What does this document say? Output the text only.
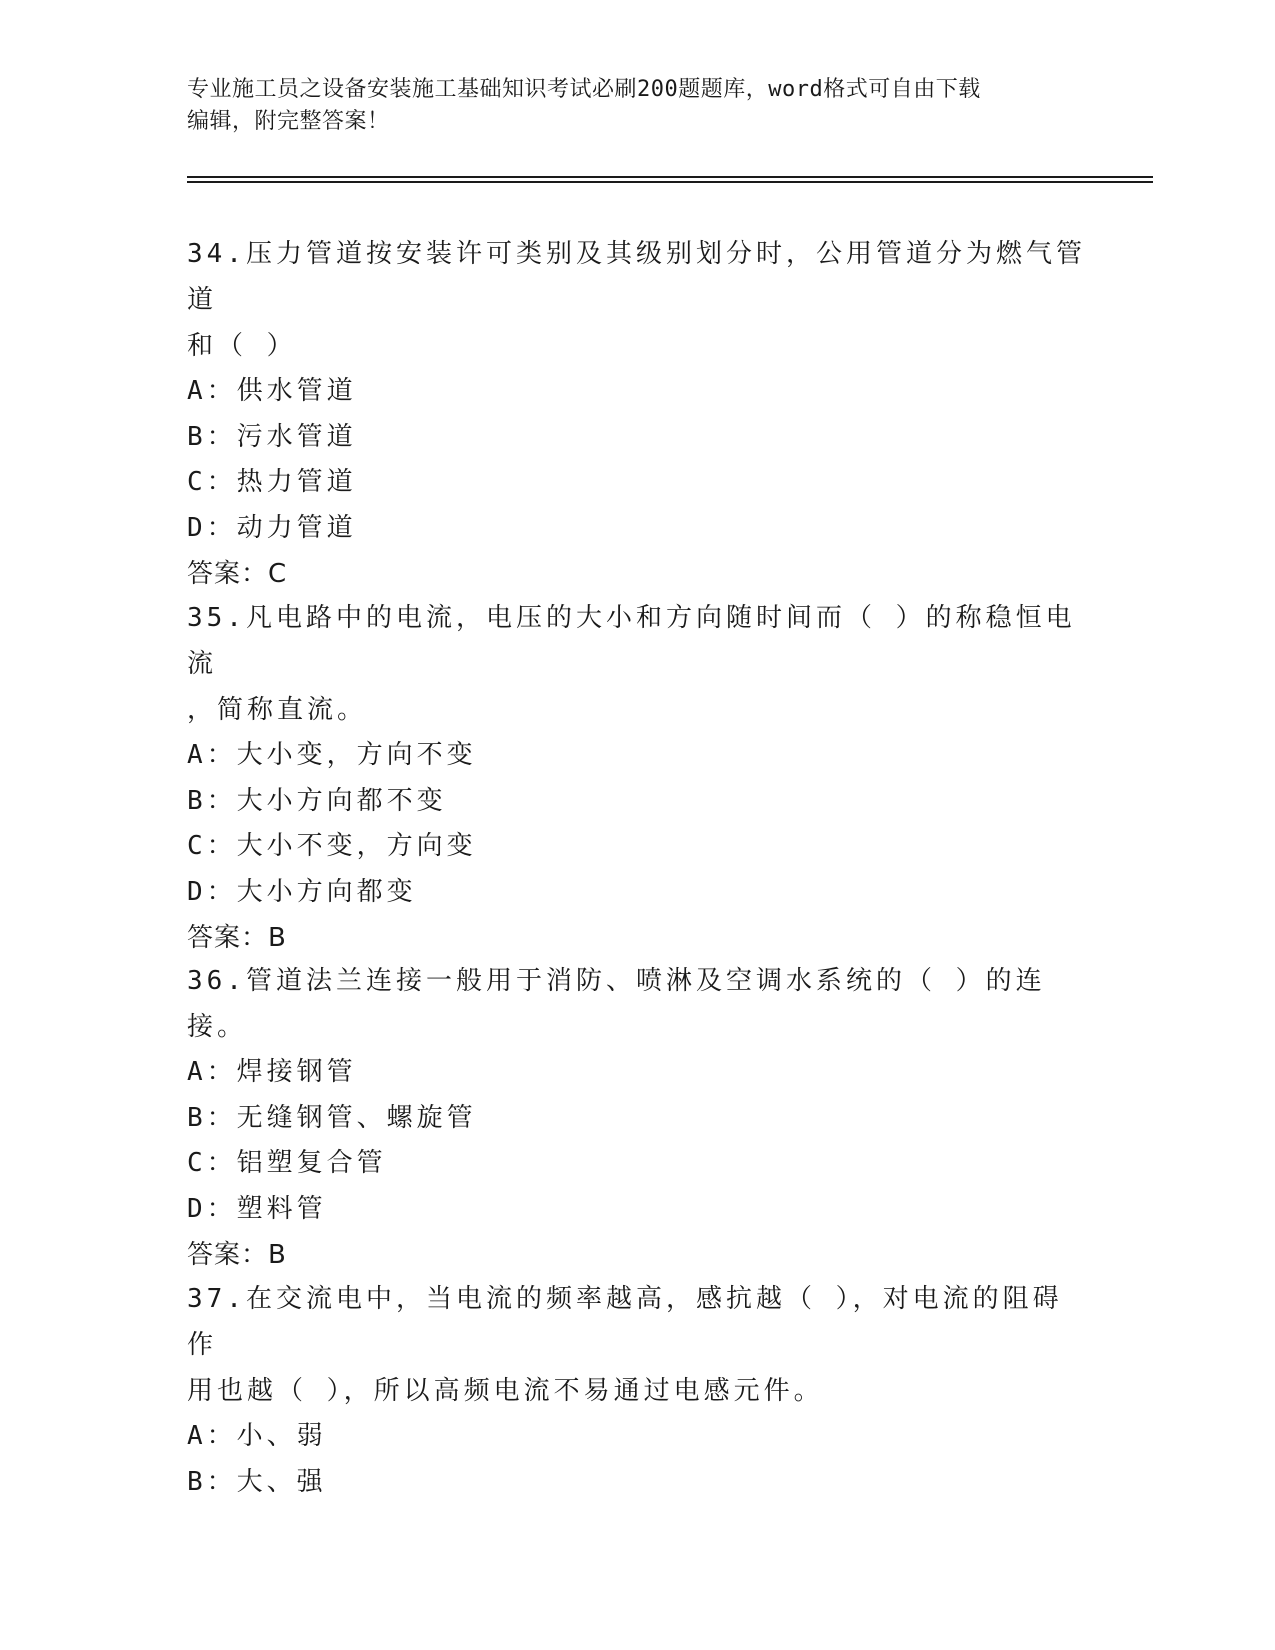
专业施工员之设备安装施工基础知识考试必刷200题题库，word格式可自由下载
编辑，附完整答案！
34.压力管道按安装许可类别及其级别划分时，公用管道分为燃气管道
和（ ）
A：供水管道
B：污水管道
C：热力管道
D：动力管道
答案：C
35.凡电路中的电流，电压的大小和方向随时间而（ ）的称稳恒电流
，简称直流。
A：大小变，方向不变
B：大小方向都不变
C：大小不变，方向变
D：大小方向都变
答案：B
36.管道法兰连接一般用于消防、喷淋及空调水系统的（ ）的连接。
A：焊接钢管
B：无缝钢管、螺旋管
C：铝塑复合管
D：塑料管
答案：B
37.在交流电中，当电流的频率越高，感抗越（ ），对电流的阻碍作
用也越（ ），所以高频电流不易通过电感元件。
A：小、弱
B：大、强
